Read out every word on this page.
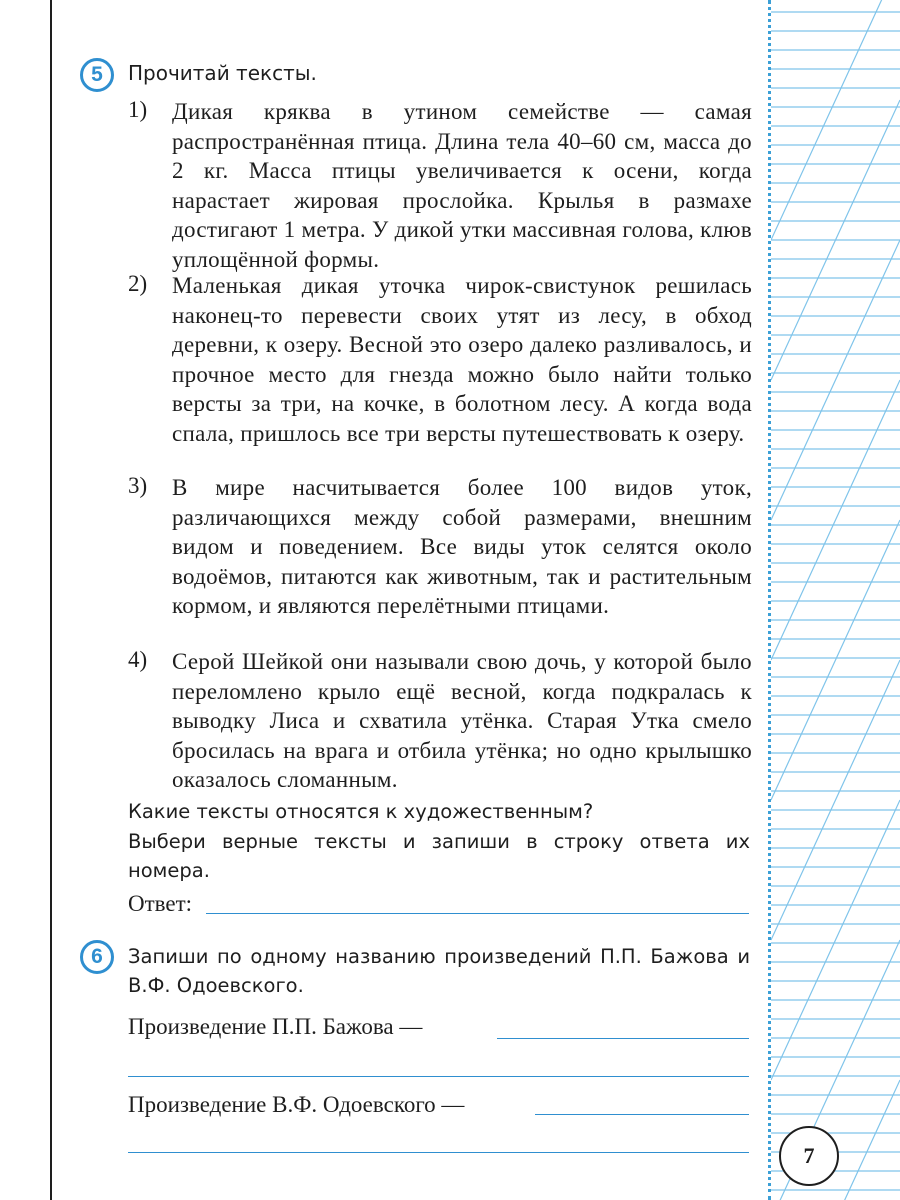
5	Прочитай тексты.
1) Дикая кряква в утином семействе — самая распространённая птица. Длина тела 40–60 см, масса до 2 кг. Масса птицы увеличивается к осени, когда нарастает жировая прослойка. Крылья в размахе достигают 1 метра. У дикой утки массивная голова, клюв уплощённой формы.
2) Маленькая дикая уточка чирок-свистунок решилась наконец-то перевести своих утят из лесу, в обход деревни, к озеру. Весной это озеро далеко разливалось, и прочное место для гнезда можно было найти только версты за три, на кочке, в болотном лесу. А когда вода спала, пришлось все три версты путешествовать к озеру.
3) В мире насчитывается более 100 видов уток, различающихся между собой размерами, внешним видом и поведением. Все виды уток селятся около водоёмов, питаются как животным, так и растительным кормом, и являются перелётными птицами.
4) Серой Шейкой они называли свою дочь, у которой было переломлено крыло ещё весной, когда подкралась к выводку Лиса и схватила утёнка. Старая Утка смело бросилась на врага и отбила утёнка; но одно крылышко оказалось сломанным.
Какие тексты относятся к художественным?
Выбери верные тексты и запиши в строку ответа их номера.
Ответ:
6	Запиши по одному названию произведений П.П. Бажова и В.Ф. Одоевского.
Произведение П.П. Бажова —
Произведение В.Ф. Одоевского —
7
